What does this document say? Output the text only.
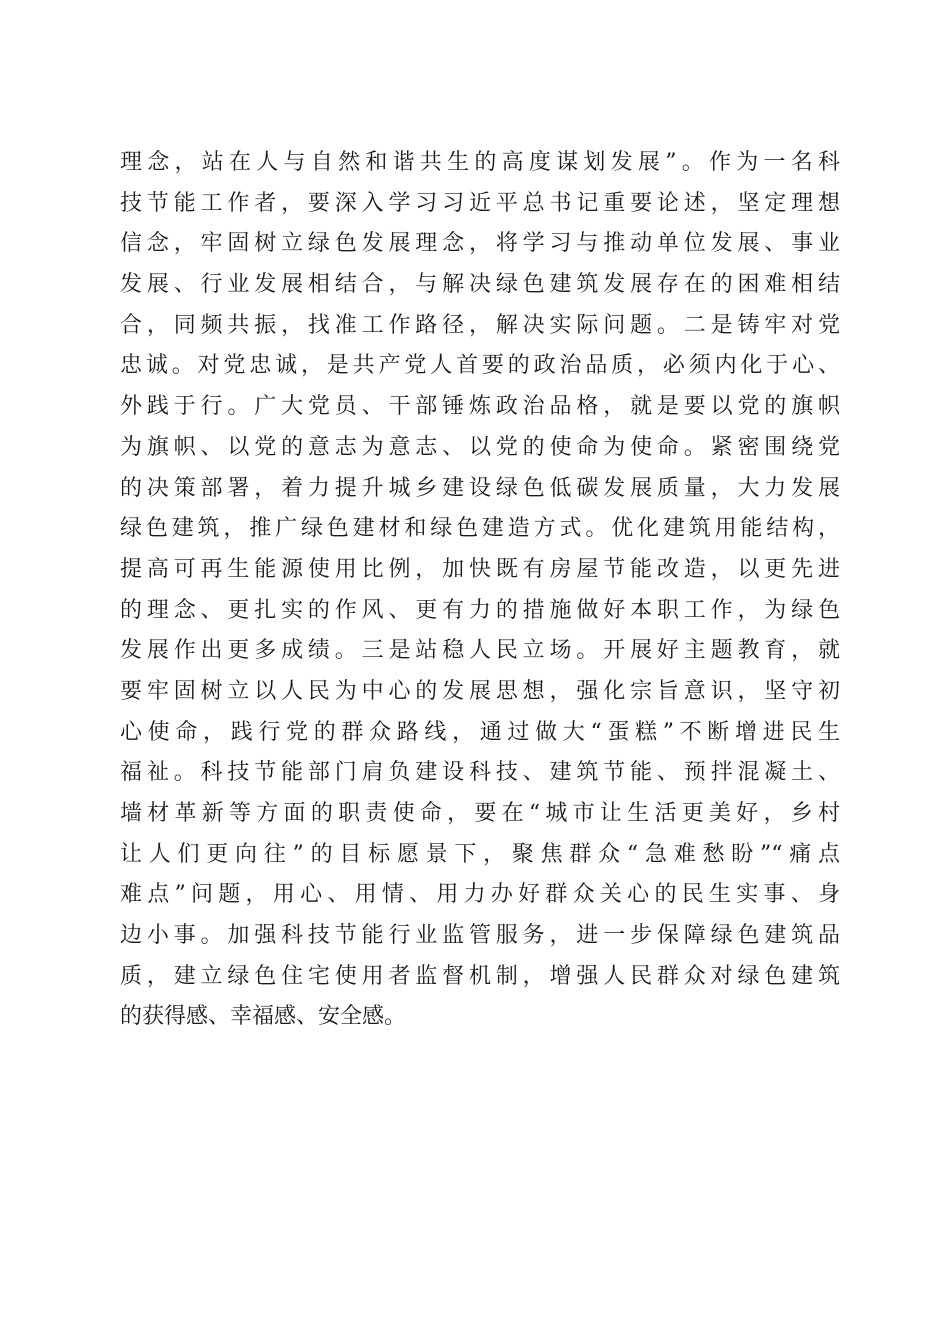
理念，站在人与自然和谐共生的高度谋划发展”。作为一名科
技节能工作者，要深入学习习近平总书记重要论述，坚定理想
信念，牢固树立绿色发展理念，将学习与推动单位发展、事业
发展、行业发展相结合，与解决绿色建筑发展存在的困难相结
合，同频共振，找准工作路径，解决实际问题。二是铸牢对党
忠诚。对党忠诚，是共产党人首要的政治品质，必须内化于心、
外践于行。广大党员、干部锤炼政治品格，就是要以党的旗帜
为旗帜、以党的意志为意志、以党的使命为使命。紧密围绕党
的决策部署，着力提升城乡建设绿色低碳发展质量，大力发展
绿色建筑，推广绿色建材和绿色建造方式。优化建筑用能结构，
提高可再生能源使用比例，加快既有房屋节能改造，以更先进
的理念、更扎实的作风、更有力的措施做好本职工作，为绿色
发展作出更多成绩。三是站稳人民立场。开展好主题教育，就
要牢固树立以人民为中心的发展思想，强化宗旨意识，坚守初
心使命，践行党的群众路线，通过做大“蛋糕”不断增进民生
福祉。科技节能部门肩负建设科技、建筑节能、预拌混凝土、
墙材革新等方面的职责使命，要在“城市让生活更美好，乡村
让人们更向往”的目标愿景下，聚焦群众“急难愁盼”“痛点
难点”问题，用心、用情、用力办好群众关心的民生实事、身
边小事。加强科技节能行业监管服务，进一步保障绿色建筑品
质，建立绿色住宅使用者监督机制，增强人民群众对绿色建筑
的获得感、幸福感、安全感。
